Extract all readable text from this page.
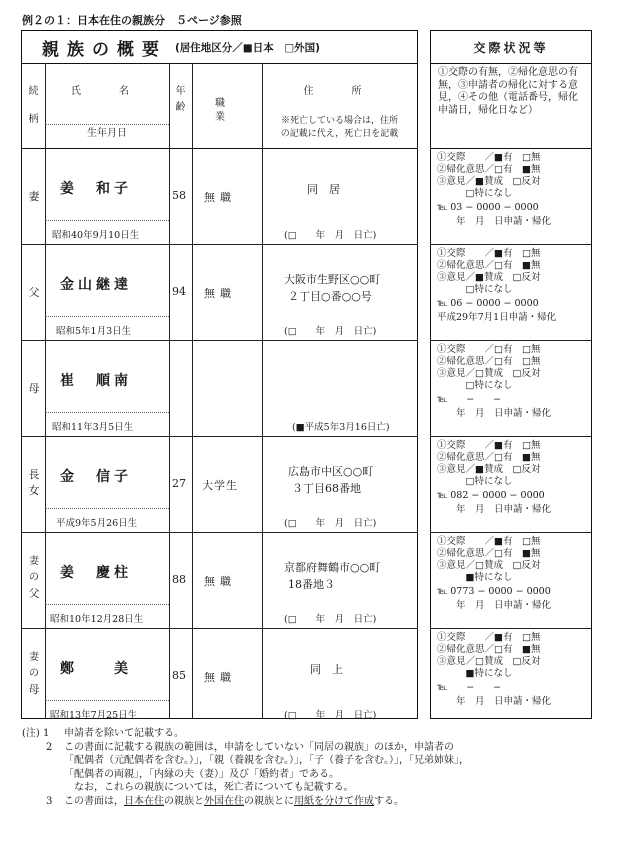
例２の１：日本在住の親族分　５ページ参照
親族の概要 (居住地区分／■日本　□外国)
続
柄
氏　名
生年月日
年
齢	職　業
住　所
※死亡している場合は，住所
の記載に代え，死亡日を記載
妻 姜　和子
昭和40年9月10日生
58 無職
同　居
(□　　年　月　日亡)
父 金山継達
昭和5年1月3日生
94 無職
大阪市生野区○○町
２丁目○番○○号
(□　　年　月　日亡)
母 崔　順南
昭和11年3月5日生	(■平成5年3月16日亡)
長
女
金　信子
平成9年5月26日生
27 大学生
広島市中区○○町
３丁目68番地
(□　　年　月　日亡)
妻の
父
姜　慶柱
昭和10年12月28日生
88 無職
京都府舞鶴市○○町
18番地３
(□　　年　月　日亡)
妻の
母
鄭　　美
昭和13年7月25日生
85 無職
同　上
(□　　年　月　日亡)
交際状況等
①交際の有無，②帰化意思の有無，③申請者の帰化に対する意見，④その他（電話番号，帰化申請日，帰化日など）
①交際　　／■有　□無
②帰化意思／□有　■無
③意見／■賛成　□反対
　　　□特になし
℡ 03 − 0000 − 0000
　　年　月　日申請・帰化
①交際　　／■有　□無
②帰化意思／□有　■無
③意見／■賛成　□反対
　　　□特になし
℡ 06 − 0000 − 0000
平成29年7月1日申請・帰化
①交際　　／□有　□無
②帰化意思／□有　□無
③意見／□賛成　□反対
　　　□特になし
℡　　−　　−
　　年　月　日申請・帰化
①交際　　／■有　□無
②帰化意思／□有　■無
③意見／■賛成　□反対
　　　□特になし
℡ 082 − 0000 − 0000
　　年　月　日申請・帰化
①交際　　／■有　□無
②帰化意思／□有　■無
③意見／□賛成　□反対
　　　■特になし
℡ 0773 − 0000 − 0000
　　年　月　日申請・帰化
①交際　　／■有　□無
②帰化意思／□有　■無
③意見／□賛成　□反対
　　　■特になし
℡　　−　　−
　　年　月　日申請・帰化
(注) 1 申請者を除いて記載する。
2 この書面に記載する親族の範囲は，申請をしていない「同居の親族」のほか，申請者の
「配偶者（元配偶者を含む。）」，「親（養親を含む。）」，「子（養子を含む。）」，「兄弟姉妹」，
「配偶者の両親」，「内縁の夫（妻）」及び「婚約者」である。
なお，これらの親族については，死亡者についても記載する。
3 この書面は，日本在住の親族と外国在住の親族とに用紙を分けて作成する。
